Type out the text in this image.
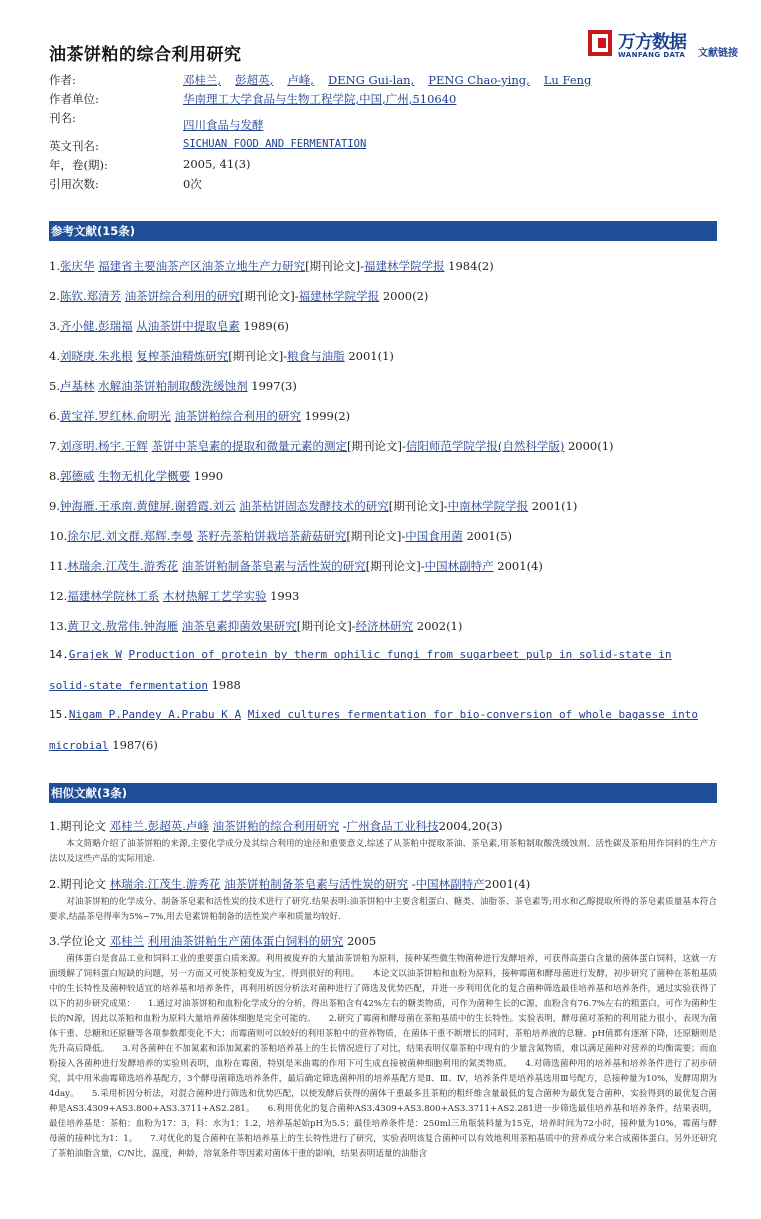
油茶饼粕的综合利用研究
万方数据
WANFANG DATA 文献链接
作者:	邓桂兰, 彭超英, 卢峰, DENG Gui-lan, PENG Chao-ying, Lu Feng
作者单位:	华南理工大学食品与生物工程学院,中国,广州,510640
刊名:	四川食品与发酵
英文刊名:	SICHUAN FOOD AND FERMENTATION
年，卷(期):	2005, 41(3)
引用次数:	0次
参考文献(15条)
1.张庆华 福建省主要油茶产区油茶立地生产力研究[期刊论文]-福建林学院学报 1984(2)
2.陈钦.郑清芳 油茶饼综合利用的研究[期刊论文]-福建林学院学报 2000(2)
3.齐小健.彭瑞福 从油茶饼中提取皂素 1989(6)
4.刘晓庚.朱兆根 复榨茶油精炼研究[期刊论文]-粮食与油脂 2001(1)
5.卢基林 水解油茶饼粕制取酸洗缓蚀剂 1997(3)
6.黄宝祥.罗红林.俞明光 油茶饼粕综合利用的研究 1999(2)
7.刘彦明.杨宇.王辉 茶饼中茶皂素的提取和微量元素的测定[期刊论文]-信阳师范学院学报(自然科学版) 2000(1)
8.郭德威 生物无机化学概要 1990
9.钟海雁.王承南.黄健屏.谢碧霞.刘云 油茶枯饼固态发酵技术的研究[期刊论文]-中南林学院学报 2001(1)
10.徐尔尼.刘文群.郑辉.李曼 茶籽壳茶粕饼栽培茶薪菇研究[期刊论文]-中国食用菌 2001(5)
11.林瑞余.江茂生.游秀花 油茶饼粕制备茶皂素与活性炭的研究[期刊论文]-中国林副特产 2001(4)
12.福建林学院林工系 木材热解工艺学实验 1993
13.黄卫文.敖常伟.钟海雁 油茶皂素抑菌效果研究[期刊论文]-经济林研究 2002(1)
14.Grajek W Production of protein by therm ophilic fungi from sugarbeet pulp in solid-state in
solid-state fermentation 1988
15.Nigam P.Pandey A.Prabu K A Mixed cultures fermentation for bio-conversion of whole bagasse into
microbial 1987(6)
相似文献(3条)
1.期刊论文 邓桂兰.彭超英.卢峰 油茶饼粕的综合利用研究 -广州食品工业科技2004,20(3)
本文简略介绍了油茶饼粕的来源,主要化学成分及其综合利用的途径和重要意义,综述了从茶粕中提取茶油、茶皂素,用茶粕制取酸洗缓蚀剂、活性碳及茶粕用作饲料的生产方法以及这些产品的实际用途.
2.期刊论文 林瑞余.江茂生.游秀花 油茶饼粕制备茶皂素与活性炭的研究 -中国林副特产2001(4)
对油茶饼粕的化学成分、制备茶皂素和活性炭的技术进行了研究.结果表明:油茶饼粕中主要含粗蛋白、糖类、油脂茶、茶皂素等;用水和乙醇提取所得的茶皂素质量基本符合要求,结晶茶皂得率为5%~7%,用去皂素饼粕制备的活性炭产率和质量均较好.
3.学位论文 邓桂兰 利用油茶饼粕生产菌体蛋白饲料的研究 2005
菌体蛋白是食品工业和饲料工业的重要蛋白质来源。利用被废弃的大量油茶饼粕为原料，接种某些微生物菌种进行发酵培养，可获得高蛋白含量的菌体蛋白饲料，这就一方面缓解了饲料蛋白短缺的问题，另一方面又可使茶粕变废为宝，得到很好的利用。　　本论文以油茶饼粕和血粉为原料，接种霉菌和酵母菌进行发酵，初步研究了菌种在茶粕基质中的生长特性及菌种较适宜的培养基和培养条件，再利用析因分析法对菌种进行了筛选及优势匹配，并进一步利用优化的复合菌种筛选最佳培养基和培养条件，通过实验获得了以下的初步研究成果：　　1.通过对油茶饼粕和血粉化学成分的分析，得出茶粕含有42%左右的糖类物质，可作为菌种生长的C源，血粉含有76.7%左右的粗蛋白，可作为菌种生长的N源，因此以茶粕和血粉为原料大量培养菌体细胞是完全可能的。　　2.研究了霉菌和酵母菌在茶粕基质中的生长特性。实验表明，酵母菌对茶粕的利用能力很小，表现为菌体干重、总糖和还原糖等各项参数都变化不大；而霉菌则可以较好的利用茶粕中的营养物质，在菌体干重不断增长的同时，茶粕培养液的总糖、pH值都有逐渐下降，还原糖则是先升高后降低。　　3.对各菌种在不加氮素和添加氮素的茶粕培养基上的生长情况进行了对比，结果表明仅靠茶粕中现有的少量含氮物质，难以满足菌种对营养的均衡需要；而血粉接入各菌种进行发酵培养的实验则表明，血粉在霉菌，特别是米曲霉的作用下可生成直接被菌种细胞利用的氮类物质。　　4.对筛选菌种用的培养基和培养条件进行了初步研究，其中用米曲霉筛选培养基配方，3个酵母菌筛选培养条件，最后确定筛选菌种用的培养基配方是Ⅱ、Ⅲ、Ⅳ，培养条件是培养基选用Ⅲ号配方，总接种量为10%，发酵周期为4day。　　5.采用析因分析法，对混合菌种进行筛选和优势匹配，以使发酵后获得的菌体干重最多且茶粕的粗纤维含量最低的复合菌种为最优复合菌种，实验得到的最优复合菌种是AS3.4309+AS3.800+AS3.3711+AS2.281。　　6.利用优化的复合菌种AS3.4309+AS3.800+AS3.3711+AS2.281进一步筛选最佳培养基和培养条件，结果表明，最佳培养基是：茶粕：血粉为17：3，料：水为1：1.2，培养基起始pH为5.5；最佳培养条件是：250ml三角瓶装料量为15克，培养时间为72小时，接种量为10%，霉菌与酵母菌的接种比为1：1。　　7.对优化的复合菌种在茶粕培养基上的生长特性进行了研究，实验表明该复合菌种可以有效地利用茶粕基质中的营养成分来合成菌体蛋白。另外还研究了茶粕油脂含量，C/N比，温度，种龄，溶氧条件等因素对菌体干重的影响，结果表明适量的油脂含
